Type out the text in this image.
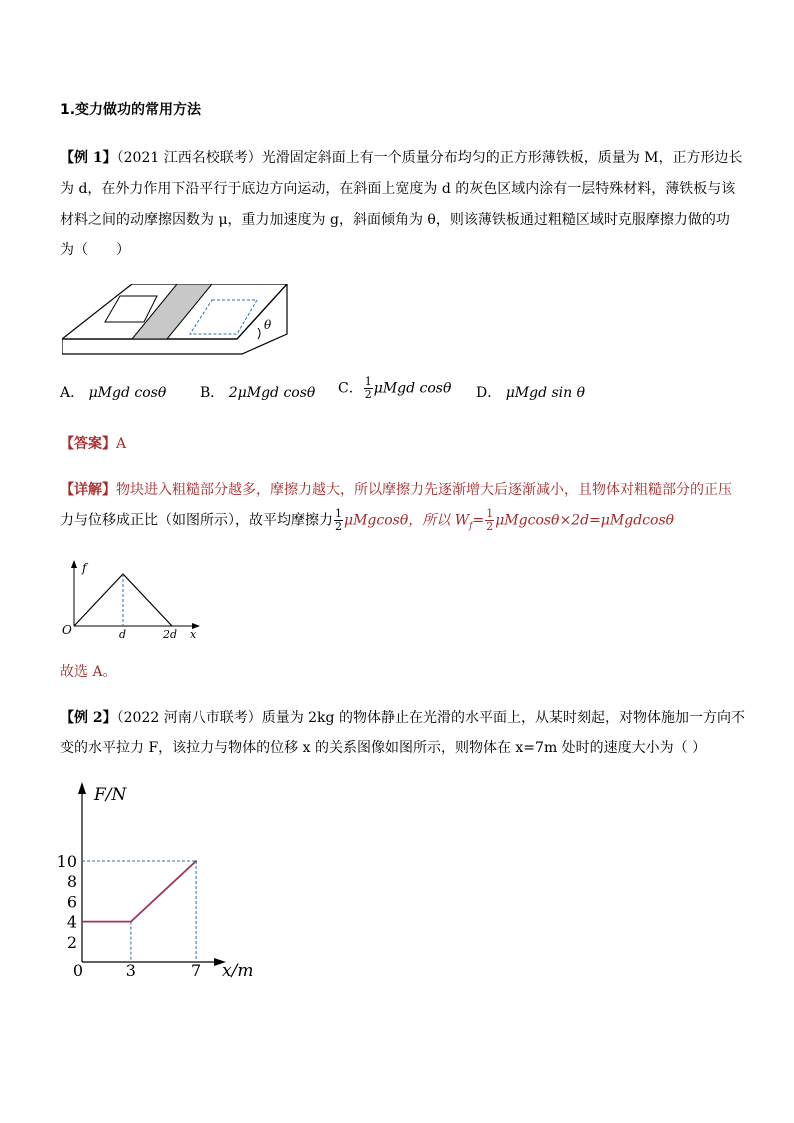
1.变力做功的常用方法
【例 1】（2021 江西名校联考）光滑固定斜面上有一个质量分布均匀的正方形薄铁板，质量为 M，正方形边长
为 d，在外力作用下沿平行于底边方向运动，在斜面上宽度为 d 的灰色区域内涂有一层特殊材料，薄铁板与该
材料之间的动摩擦因数为 μ，重力加速度为 g，斜面倾角为 θ，则该薄铁板通过粗糙区域时克服摩擦力做的功
为（　　）
θ
A． μMgd cosθ B． 2μMgd cosθ C． $\frac{1}{2}$ μMgd cosθ D． μMgd sin θ
【答案】A
【详解】物块进入粗糙部分越多，摩擦力越大，所以摩擦力先逐渐增大后逐渐减小，且物体对粗糙部分的正压
力与位移成正比（如图所示），故平均摩擦力 $\frac{1}{2}$ μMgcosθ，所以 $W_f= \frac{1}{2} \mu Mgcos\theta\times 2d=\mu Mgdcos\theta$
f
O	d	2d x
故选 A。
【例 2】（2022 河南八市联考）质量为 2kg 的物体静止在光滑的水平面上，从某时刻起，对物体施加一方向不
变的水平拉力 F，该拉力与物体的位移 x 的关系图像如图所示，则物体在 x=7m 处时的速度大小为（ ）
F/N
x/m
2
4
6
8
10
0	3	7
